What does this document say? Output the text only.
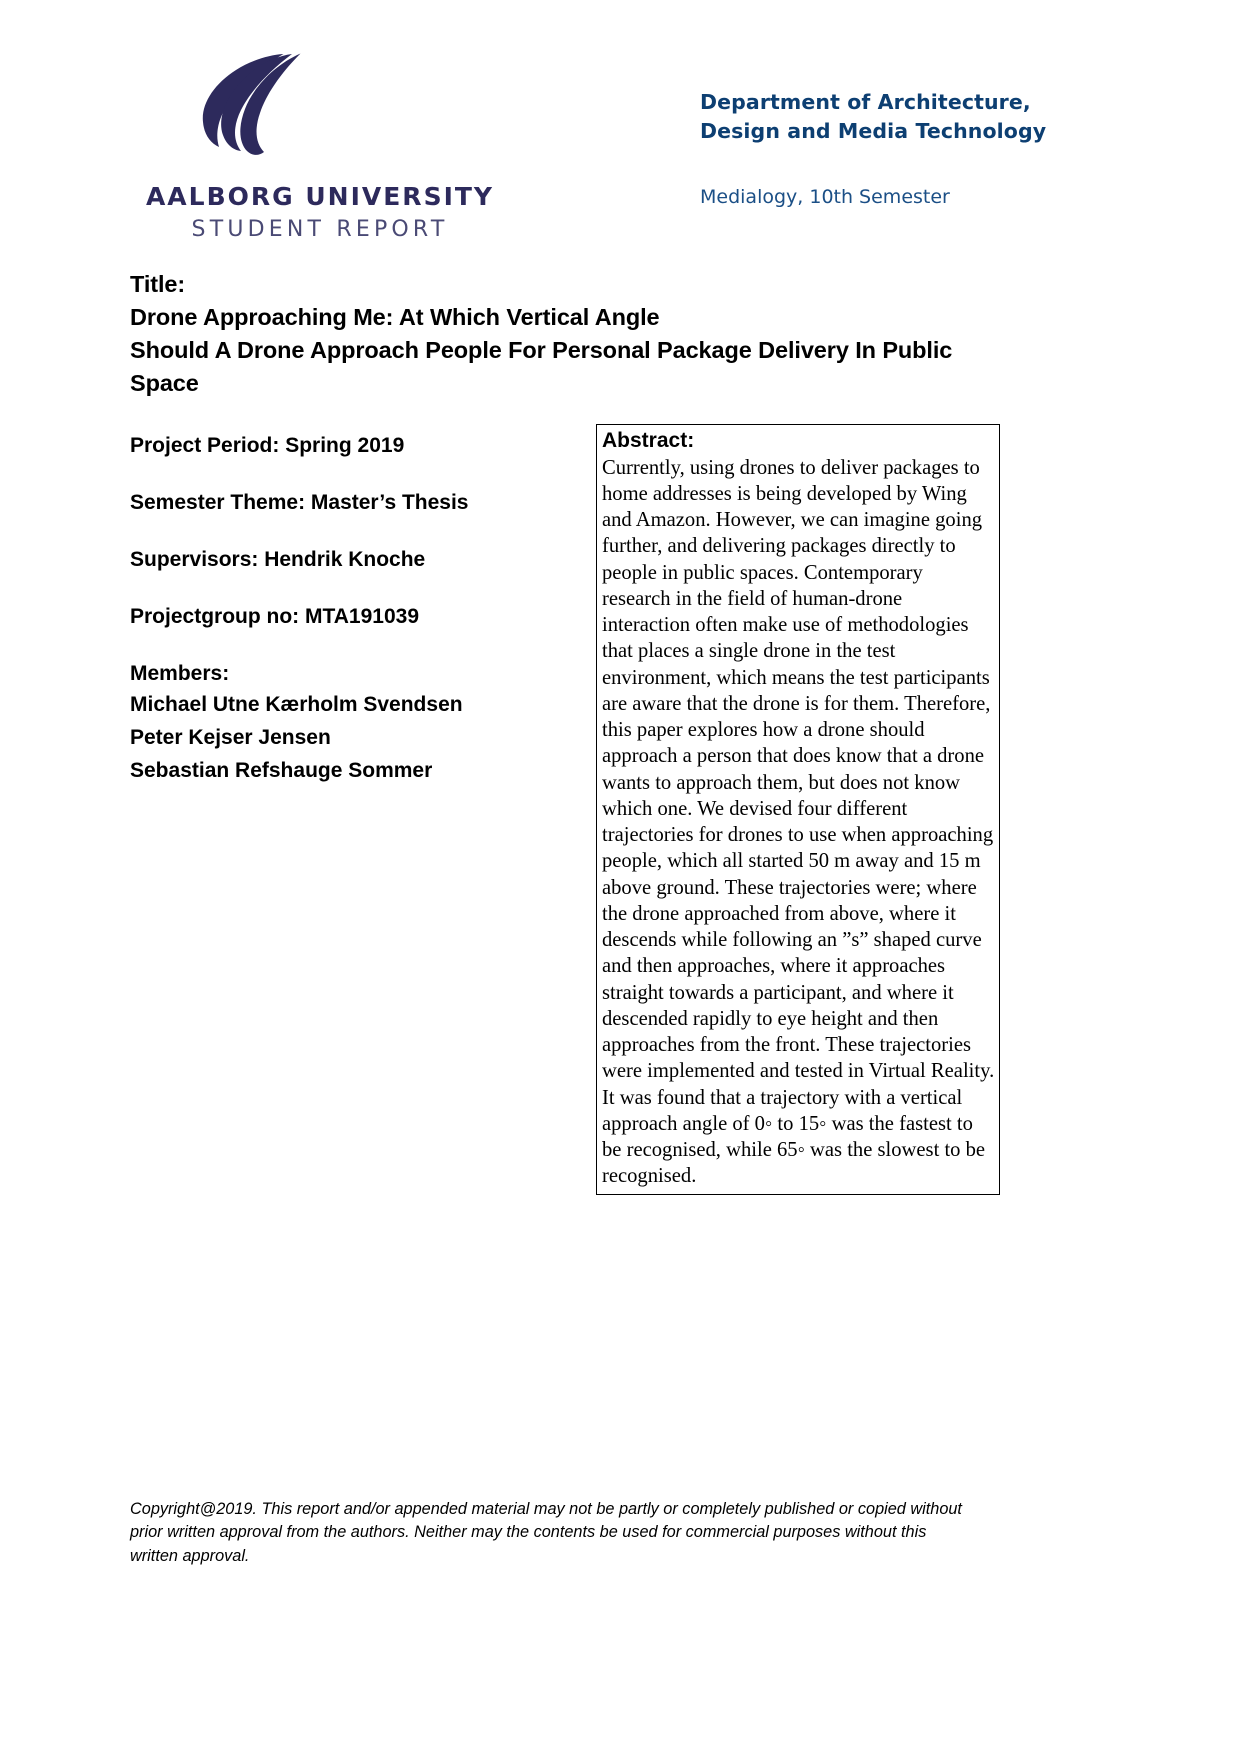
AALBORG UNIVERSITY
STUDENT REPORT
Department of Architecture,
Design and Media Technology
Medialogy, 10th Semester
Title:
Drone Approaching Me: At Which Vertical Angle
Should A Drone Approach People For Personal Package Delivery In Public
Space
Project Period: Spring 2019
Semester Theme: Master’s Thesis
Supervisors: Hendrik Knoche
Projectgroup no: MTA191039
Members:
Michael Utne Kærholm Svendsen
Peter Kejser Jensen
Sebastian Refshauge Sommer
Abstract:
Currently, using drones to deliver packages to home addresses is being developed by Wing and Amazon. However, we can imagine going further, and delivering packages directly to people in public spaces. Contemporary research in the field of human-drone interaction often make use of methodologies that places a single drone in the test environment, which means the test participants are aware that the drone is for them. Therefore, this paper explores how a drone should approach a person that does know that a drone wants to approach them, but does not know which one. We devised four different trajectories for drones to use when approaching people, which all started 50 m away and 15 m above ground. These trajectories were; where the drone approached from above, where it descends while following an ”s” shaped curve and then approaches, where it approaches straight towards a participant, and where it descended rapidly to eye height and then approaches from the front. These trajectories were implemented and tested in Virtual Reality. It was found that a trajectory with a vertical approach angle of 0◦ to 15◦ was the fastest to be recognised, while 65◦ was the slowest to be recognised.
Copyright@2019. This report and/or appended material may not be partly or completely published or copied without prior written approval from the authors. Neither may the contents be used for commercial purposes without this written approval.
